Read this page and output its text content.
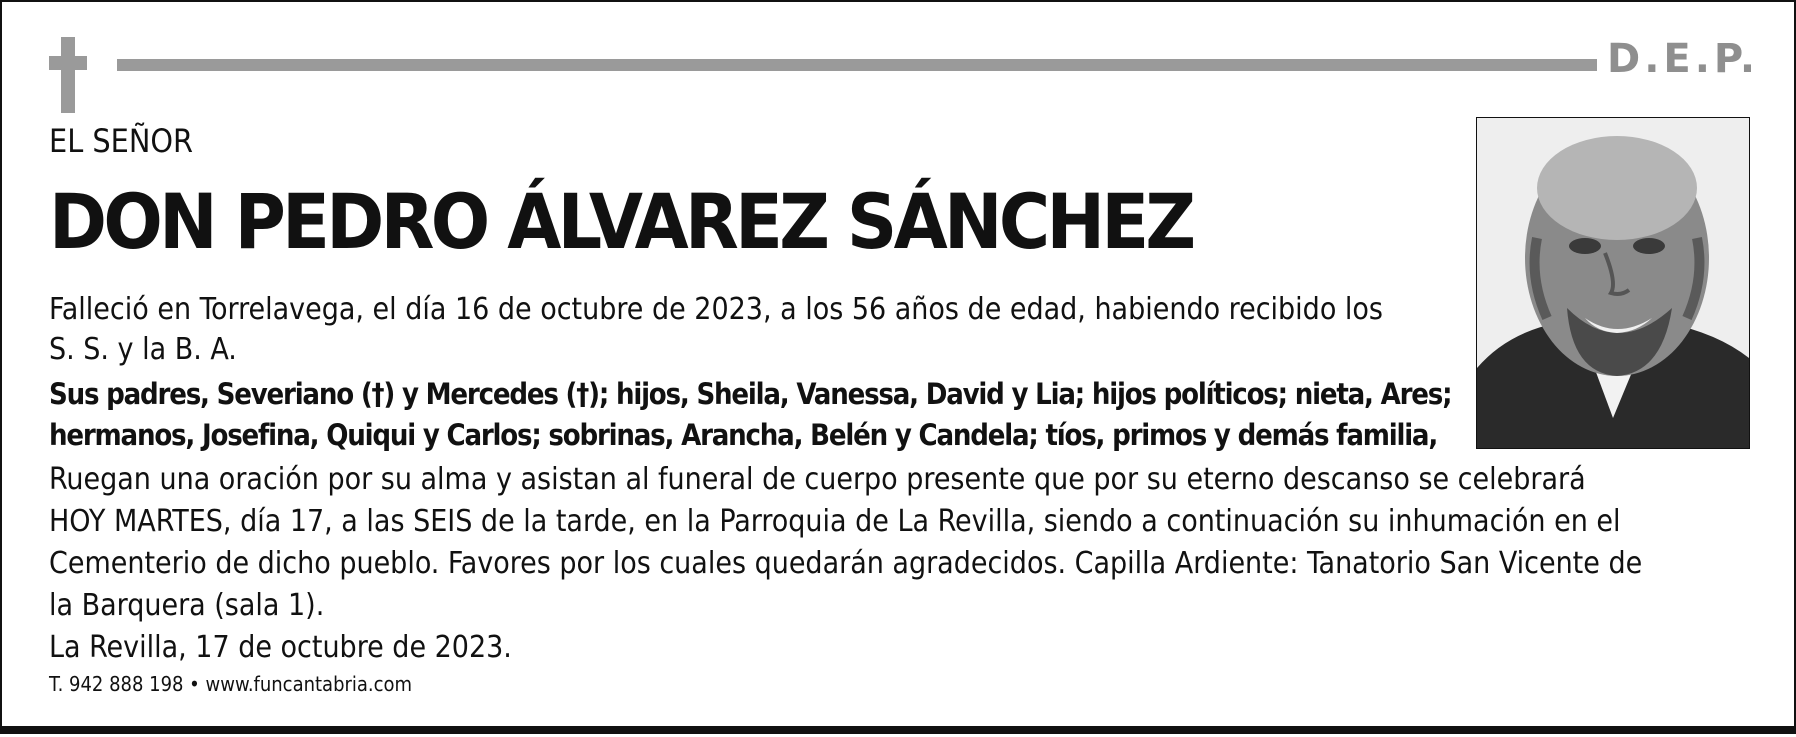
D.E.P.
EL SEÑOR
DON PEDRO ÁLVAREZ SÁNCHEZ
Falleció en Torrelavega, el día 16 de octubre de 2023, a los 56 años de edad, habiendo recibido los
S. S. y la B. A.
Sus padres, Severiano (†) y Mercedes (†); hijos, Sheila, Vanessa, David y Lia; hijos políticos; nieta, Ares;
hermanos, Josefina, Quiqui y Carlos; sobrinas, Arancha, Belén y Candela; tíos, primos y demás familia,
Ruegan una oración por su alma y asistan al funeral de cuerpo presente que por su eterno descanso se celebrará
HOY MARTES, día 17, a las SEIS de la tarde, en la Parroquia de La Revilla, siendo a continuación su inhumación en el
Cementerio de dicho pueblo. Favores por los cuales quedarán agradecidos. Capilla Ardiente: Tanatorio San Vicente de
la Barquera (sala 1).
La Revilla, 17 de octubre de 2023.
T. 942 888 198 • www.funcantabria.com
